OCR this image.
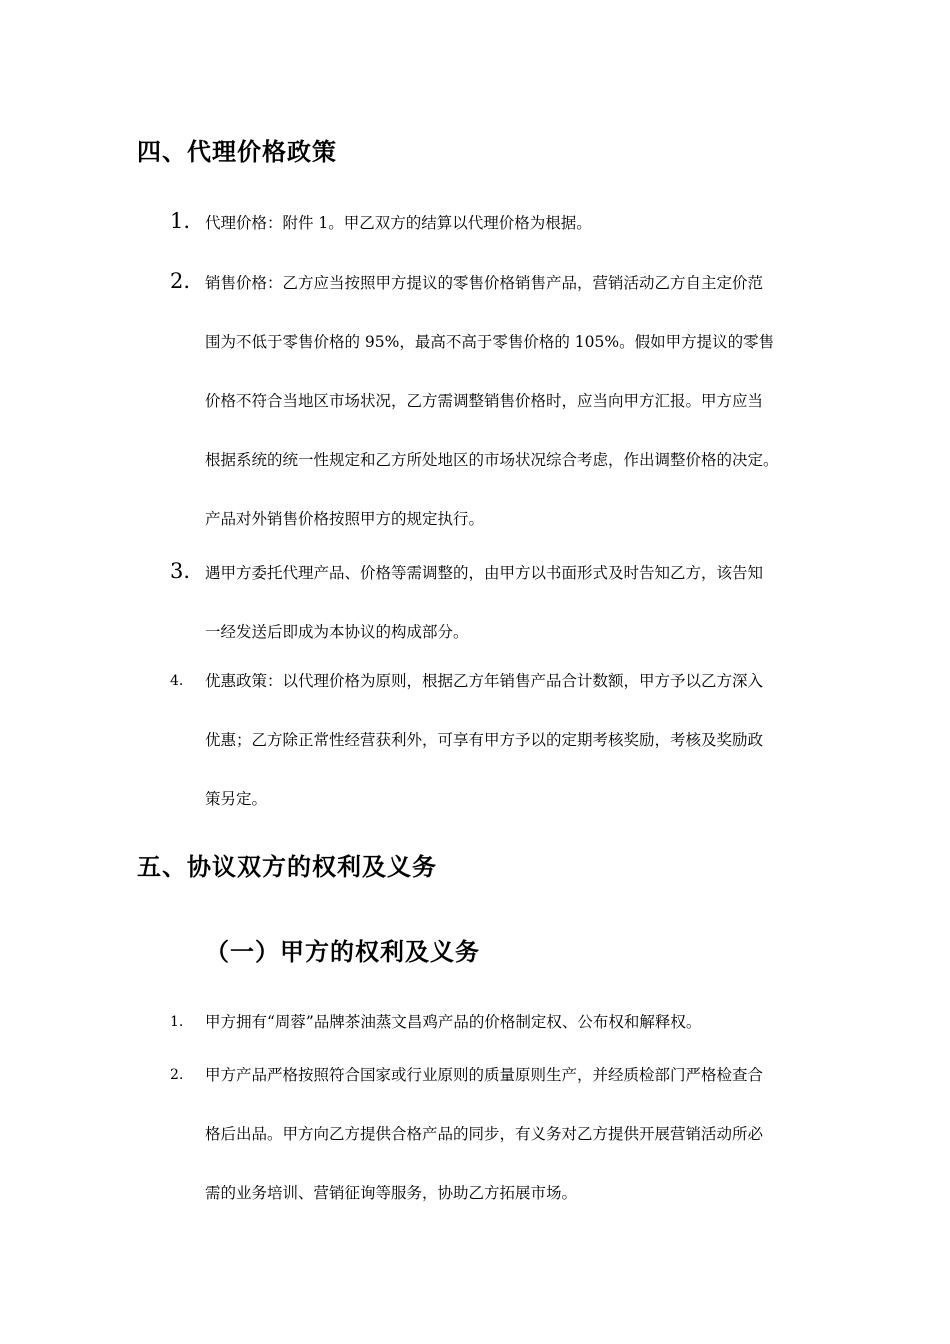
四、代理价格政策
1. 代理价格：附件 1。甲乙双方的结算以代理价格为根据。
2. 销售价格：乙方应当按照甲方提议的零售价格销售产品，营销活动乙方自主定价范
围为不低于零售价格的 95%，最高不高于零售价格的 105%。假如甲方提议的零售
价格不符合当地区市场状况，乙方需调整销售价格时，应当向甲方汇报。甲方应当
根据系统的统一性规定和乙方所处地区的市场状况综合考虑，作出调整价格的决定。
产品对外销售价格按照甲方的规定执行。
3. 遇甲方委托代理产品、价格等需调整的，由甲方以书面形式及时告知乙方，该告知
一经发送后即成为本协议的构成部分。
4. 优惠政策：以代理价格为原则，根据乙方年销售产品合计数额，甲方予以乙方深入
优惠；乙方除正常性经营获利外，可享有甲方予以的定期考核奖励，考核及奖励政
策另定。
五、协议双方的权利及义务
（一）甲方的权利及义务
1. 甲方拥有“周蓉”品牌茶油蒸文昌鸡产品的价格制定权、公布权和解释权。
2. 甲方产品严格按照符合国家或行业原则的质量原则生产，并经质检部门严格检查合
格后出品。甲方向乙方提供合格产品的同步，有义务对乙方提供开展营销活动所必
需的业务培训、营销征询等服务，协助乙方拓展市场。
